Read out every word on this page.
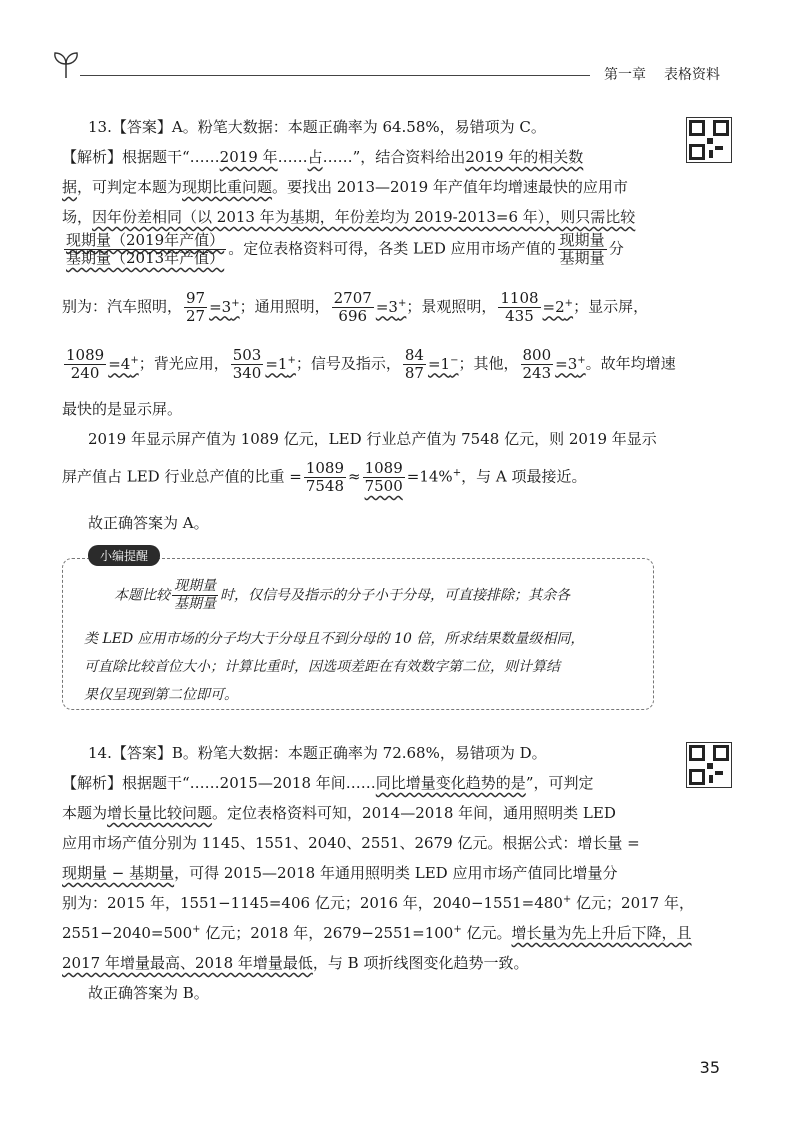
第一章 表格资料
13.【答案】A。粉笔大数据：本题正确率为 64.58%，易错项为 C。
【解析】根据题干“……2019 年……占……”，结合资料给出2019 年的相关数
据，可判定本题为现期比重问题。要找出 2013—2019 年产值年均增速最快的应用市
场，因年份差相同（以 2013 年为基期，年份差均为 2019-2013=6 年），则只需比较
$\frac{\text{现期量（2019年产值）}}{\text{基期量（2013年产值）}}$ 。定位表格资料可得，各类 LED 应用市场产值的 $\frac{\text{现期量}}{\text{基期量}}$ 分
别为：汽车照明， $\frac{97}{27} =3^+$；通用照明， $\frac{2707}{696} =3^+$；景观照明， $\frac{1108}{435} =2^+$；显示屏，
$\frac{1089}{240} =4^+$；背光应用， $\frac{503}{340} =1^+$；信号及指示， $\frac{84}{87} =1^-$；其他， $\frac{800}{243} =3^+$。故年均增速
最快的是显示屏。
2019 年显示屏产值为 1089 亿元，LED 行业总产值为 7548 亿元，则 2019 年显示
屏产值占 LED 行业总产值的比重 = $\frac{1089}{7548} \approx \frac{1089}{7500} =14\%^+$，与 A 项最接近。
故正确答案为 A。
小编提醒
本题比较 $\frac{\text{现期量}}{\text{基期量}}$ 时，仅信号及指示的分子小于分母，可直接排除；其余各
类 LED 应用市场的分子均大于分母且不到分母的 10 倍，所求结果数量级相同，
可直除比较首位大小；计算比重时，因选项差距在有效数字第二位，则计算结
果仅呈现到第二位即可。
14.【答案】B。粉笔大数据：本题正确率为 72.68%，易错项为 D。
【解析】根据题干“……2015—2018 年间……同比增量变化趋势的是”，可判定
本题为增长量比较问题。定位表格资料可知，2014—2018 年间，通用照明类 LED
应用市场产值分别为 1145、1551、2040、2551、2679 亿元。根据公式：增长量 =
现期量 − 基期量，可得 2015—2018 年通用照明类 LED 应用市场产值同比增量分
别为：2015 年，1551−1145=406 亿元；2016 年，2040−1551=480+ 亿元；2017 年，
2551−2040=500+ 亿元；2018 年，2679−2551=100+ 亿元。增长量为先上升后下降，且
2017 年增量最高、2018 年增量最低，与 B 项折线图变化趋势一致。
故正确答案为 B。
35
